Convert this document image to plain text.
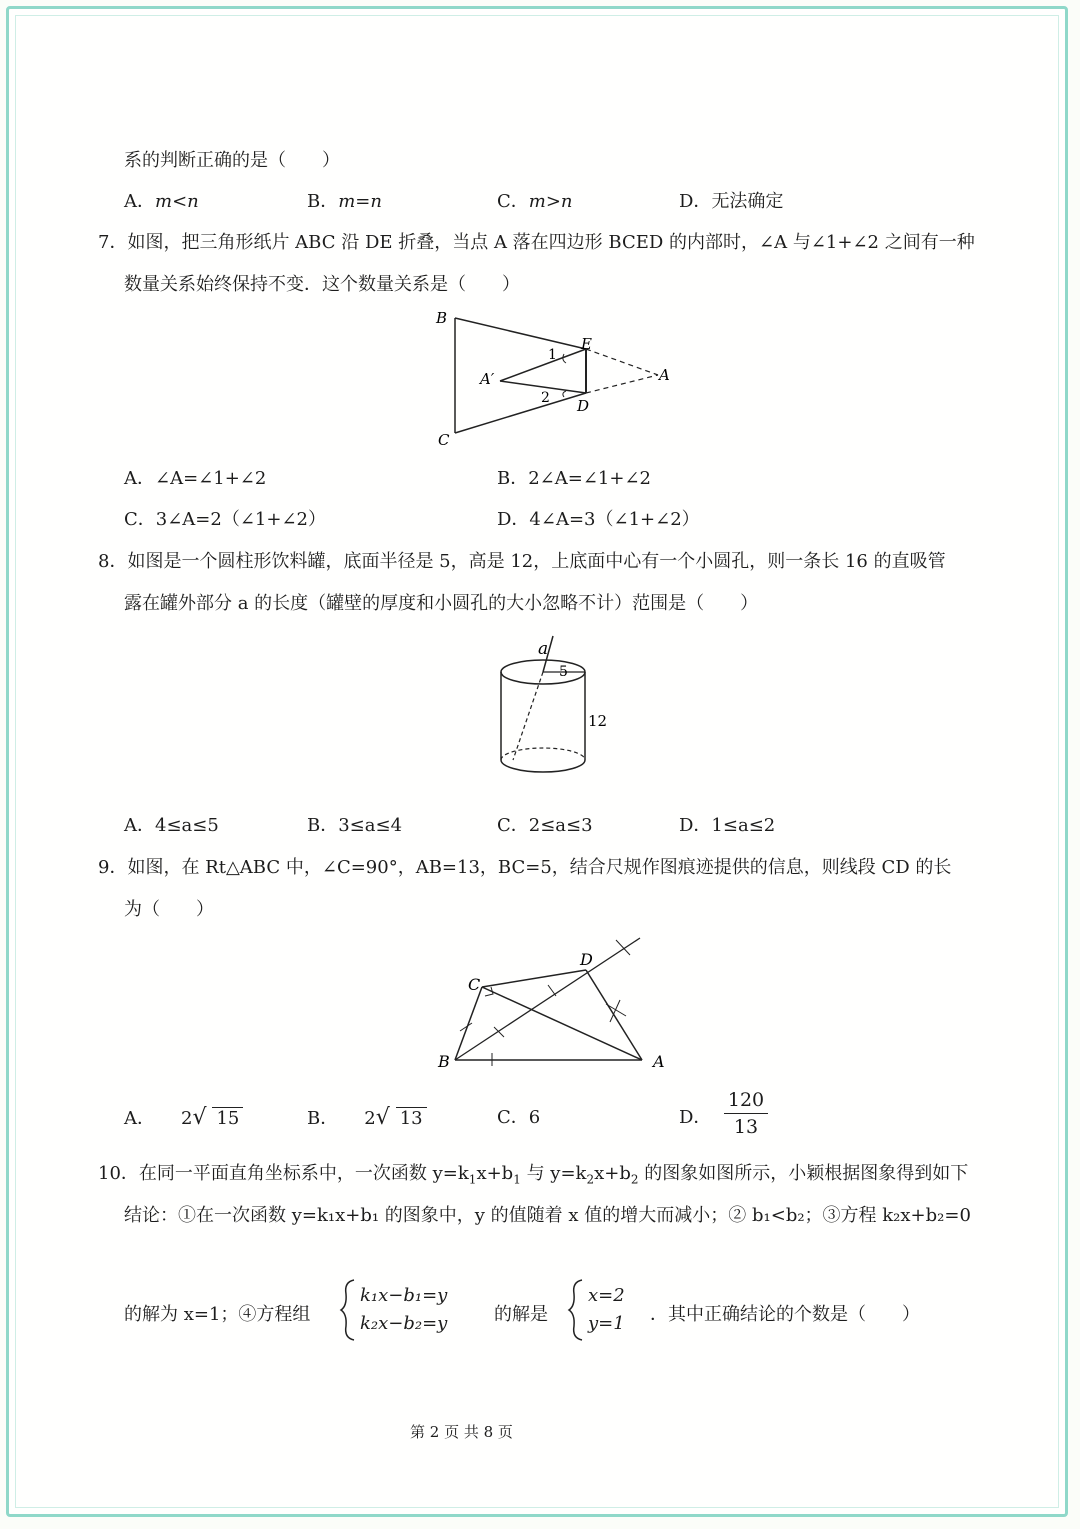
系的判断正确的是（　　）
A．m<n	B．m=n	C．m>n	D．无法确定
7．如图，把三角形纸片 ABC 沿 DE 折叠，当点 A 落在四边形 BCED 的内部时，∠A 与∠1+∠2 之间有一种
数量关系始终保持不变．这个数量关系是（　　）
B
C
E
D
A
A′
1
2
A．∠A=∠1+∠2	B．2∠A=∠1+∠2
C．3∠A=2（∠1+∠2）	D．4∠A=3（∠1+∠2）
8．如图是一个圆柱形饮料罐，底面半径是 5，高是 12，上底面中心有一个小圆孔，则一条长 16 的直吸管
露在罐外部分 a 的长度（罐壁的厚度和小圆孔的大小忽略不计）范围是（　　）
a
5
12
A．4≤a≤5	B．3≤a≤4	C．2≤a≤3	D．1≤a≤2
9．如图，在 Rt△ABC 中，∠C=90°，AB=13，BC=5，结合尺规作图痕迹提供的信息，则线段 CD 的长
为（　　）
C
D
B	A
A． 2√ 15	B． 2√ 13	C．6	D．
120
13
10．在同一平面直角坐标系中，一次函数 $y=k_1x+b_1$ 与 $y=k_2x+b_2$ 的图象如图所示，小颖根据图象得到如下
结论：①在一次函数 y=k₁x+b₁ 的图象中，y 的值随着 x 值的增大而减小；② b₁<b₂；③方程 k₂x+b₂=0
的解为 x=1；④方程组
k₁x−b₁=y
k₂x−b₂=y	的解是
x=2
y=1 ．其中正确结论的个数是（　　）
第 2 页 共 8 页
